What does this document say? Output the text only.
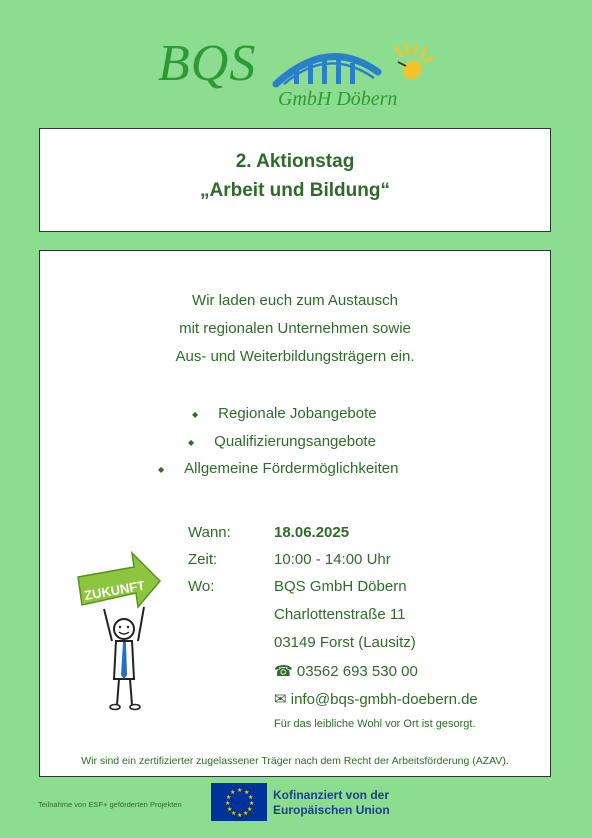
BQS
GmbH Döbern
2. Aktionstag
„Arbeit und Bildung“
Wir laden euch zum Austausch
mit regionalen Unternehmen sowie
Aus- und Weiterbildungsträgern ein.
◆ Regionale Jobangebote
◆ Qualifizierungsangebote
◆ Allgemeine Fördermöglichkeiten
Wann:	18.06.2025
Zeit:	10:00 - 14:00 Uhr
Wo:	BQS GmbH Döbern
Charlottenstraße 11
03149 Forst (Lausitz)
☎ 03562 693 530 00
✉ info@bqs-gmbh-doebern.de
Für das leibliche Wohl vor Ort ist gesorgt.
ZUKUNFT
Wir sind ein zertifizierter zugelassener Träger nach dem Recht der Arbeitsförderung (AZAV).
Teilnahme von ESF+ geförderten Projekten
★ ★
★
★
★
★
★
★
★
★
★
★	Kofinanziert von der
Europäischen Union
